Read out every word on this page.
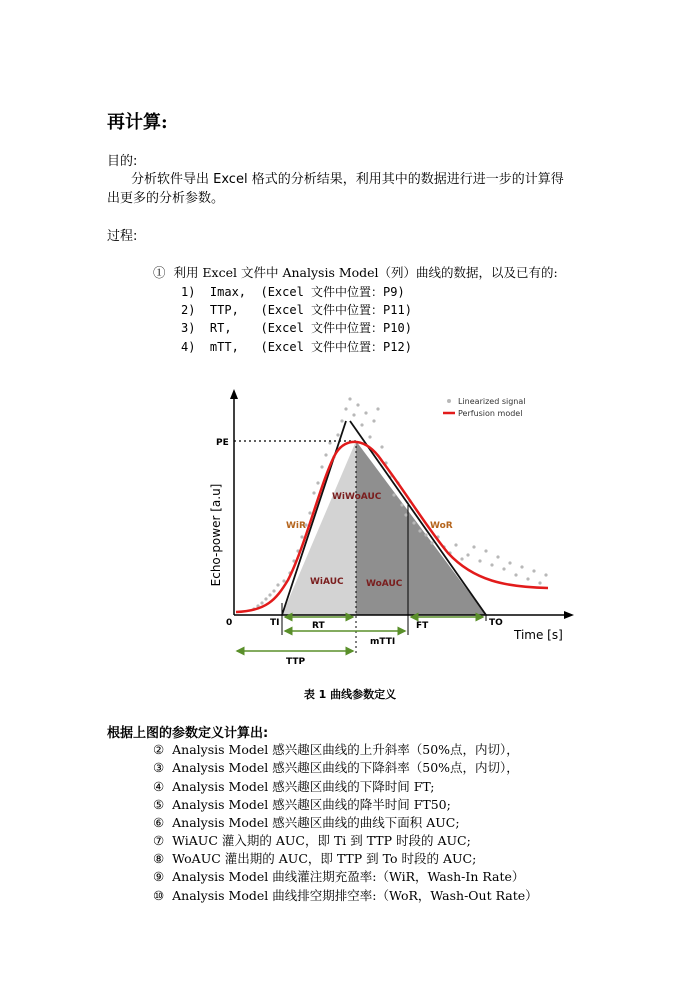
再计算:
目的:
分析软件导出 Excel 格式的分析结果，利用其中的数据进行进一步的计算得
出更多的分析参数。
过程:
①  利用 Excel 文件中 Analysis Model（列）曲线的数据，以及已有的:
1)  Imax,  (Excel 文件中位置：P9)
2)  TTP,   (Excel 文件中位置：P11)
3)  RT,    (Excel 文件中位置：P10)
4)  mTT,   (Excel 文件中位置：P12)
Linearized signal
Perfusion model
Echo-power [a.u]
Time [s]
PE
0	TI	TO
WiR	WoR
WiWoAUC
WiAUC WoAUC
RT	FT
mTTI
TTP
表 1 曲线参数定义
根据上图的参数定义计算出:
②  Analysis Model 感兴趣区曲线的上升斜率（50%点，内切），
③  Analysis Model 感兴趣区曲线的下降斜率（50%点，内切），
④  Analysis Model 感兴趣区曲线的下降时间 FT;
⑤  Analysis Model 感兴趣区曲线的降半时间 FT50;
⑥  Analysis Model 感兴趣区曲线的曲线下面积 AUC;
⑦  WiAUC 灌入期的 AUC，即 Ti 到 TTP 时段的 AUC;
⑧  WoAUC 灌出期的 AUC，即 TTP 到 To 时段的 AUC;
⑨  Analysis Model 曲线灌注期充盈率:（WiR，Wash-In Rate）
⑩  Analysis Model 曲线排空期排空率:（WoR，Wash-Out Rate）
